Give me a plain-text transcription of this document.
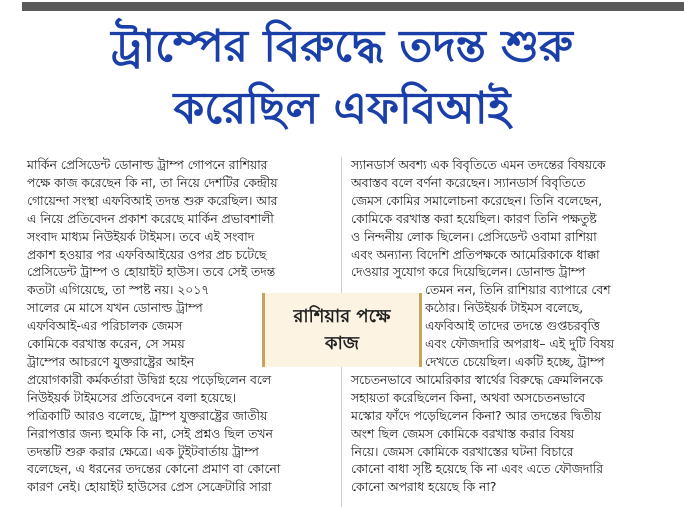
ট্রাম্পের বিরুদ্ধে তদন্ত শুরু
করেছিল এফবিআই

মার্কিন প্রেসিডেন্ট ডোনাল্ড ট্রাম্প গোপনে রাশিয়ার

পক্ষে কাজ করেছেন কি না, তা নিয়ে দেশটির কেন্দ্রীয়

গোয়েন্দা সংস্থা এফবিআই তদন্ত শুরু করেছিল। আর

এ নিয়ে প্রতিবেদন প্রকাশ করেছে মার্কিন প্রভাবশালী

সংবাদ মাধ্যম নিউইয়র্ক টাইমস। তবে এই সংবাদ

প্রকাশ হওয়ার পর এফবিআইয়ের ওপর প্রচ চটেছে

প্রেসিডেন্ট ট্রাম্প ও হোয়াইট হাউস। তবে সেই তদন্ত

কতটা এগিয়েছে, তা স্পষ্ট নয়। ২০১৭

সালের মে মাসে যখন ডোনাল্ড ট্রাম্প

এফবিআই-এর পরিচালক জেমস

কোমিকে বরখাস্ত করেন, সে সময়

ট্রাম্পের আচরণে যুক্তরাষ্ট্রের আইন

প্রয়োগকারী কর্মকর্তারা উদ্বিগ্ন হয়ে পড়েছিলেন বলে

নিউইয়র্ক টাইমসের প্রতিবেদনে বলা হয়েছে।

পত্রিকাটি আরও বলেছে, ট্রাম্প যুক্তরাষ্ট্রের জাতীয়

নিরাপত্তার জন্য হুমকি কি না, সেই প্রশ্নও ছিল তখন

তদন্তটি শুরু করার ক্ষেত্রে। এক টুইটবার্তায় ট্রাম্প

বলেছেন, এ ধরনের তদন্তের কোনো প্রমাণ বা কোনো

কারণ নেই। হোয়াইট হাউসের প্রেস সেক্রেটারি সারা

স্যানডার্স অবশ্য এক বিবৃতিতে এমন তদন্তের বিষয়কে

অবাস্তব বলে বর্ণনা করেছেন। স্যানডার্স বিবৃতিতে

জেমস কোমির সমালোচনা করেছেন। তিনি বলেছেন,

কোমিকে বরখাস্ত করা হয়েছিল। কারণ তিনি পক্ষতুষ্ট

ও নিন্দনীয় লোক ছিলেন। প্রেসিডেন্ট ওবামা রাশিয়া

এবং অন্যান্য বিদেশি প্রতিপক্ষকে আমেরিকাকে ধাক্কা

দেওয়ার সুযোগ করে দিয়েছিলেন। ডোনাল্ড ট্রাম্প

তেমন নন, তিনি রাশিয়ার ব্যাপারে বেশ

কঠোর। নিউইয়র্ক টাইমস বলেছে,

এফবিআই তাদের তদন্তে গুপ্তচরবৃত্তি

এবং ফৌজদারি অপরাধ– এই দুটি বিষয়

দেখতে চেয়েছিল। একটি হচ্ছে, ট্রাম্প

সচেতনভাবে আমেরিকার স্বার্থের বিরুদ্ধে ক্রেমলিনকে

সহায়তা করেছিলেন কিনা, অথবা অসচেতনভাবে

মস্কোর ফাঁদে পড়েছিলেন কিনা? আর তদন্তের দ্বিতীয়

অংশ ছিল জেমস কোমিকে বরখাস্ত করার বিষয়

নিয়ে। জেমস কোমিকে বরখাস্তের ঘটনা বিচারে

কোনো বাধা সৃষ্টি হয়েছে কি না এবং এতে ফৌজদারি

কোনো অপরাধ হয়েছে কি না?

রাশিয়ার পক্ষে
কাজ
